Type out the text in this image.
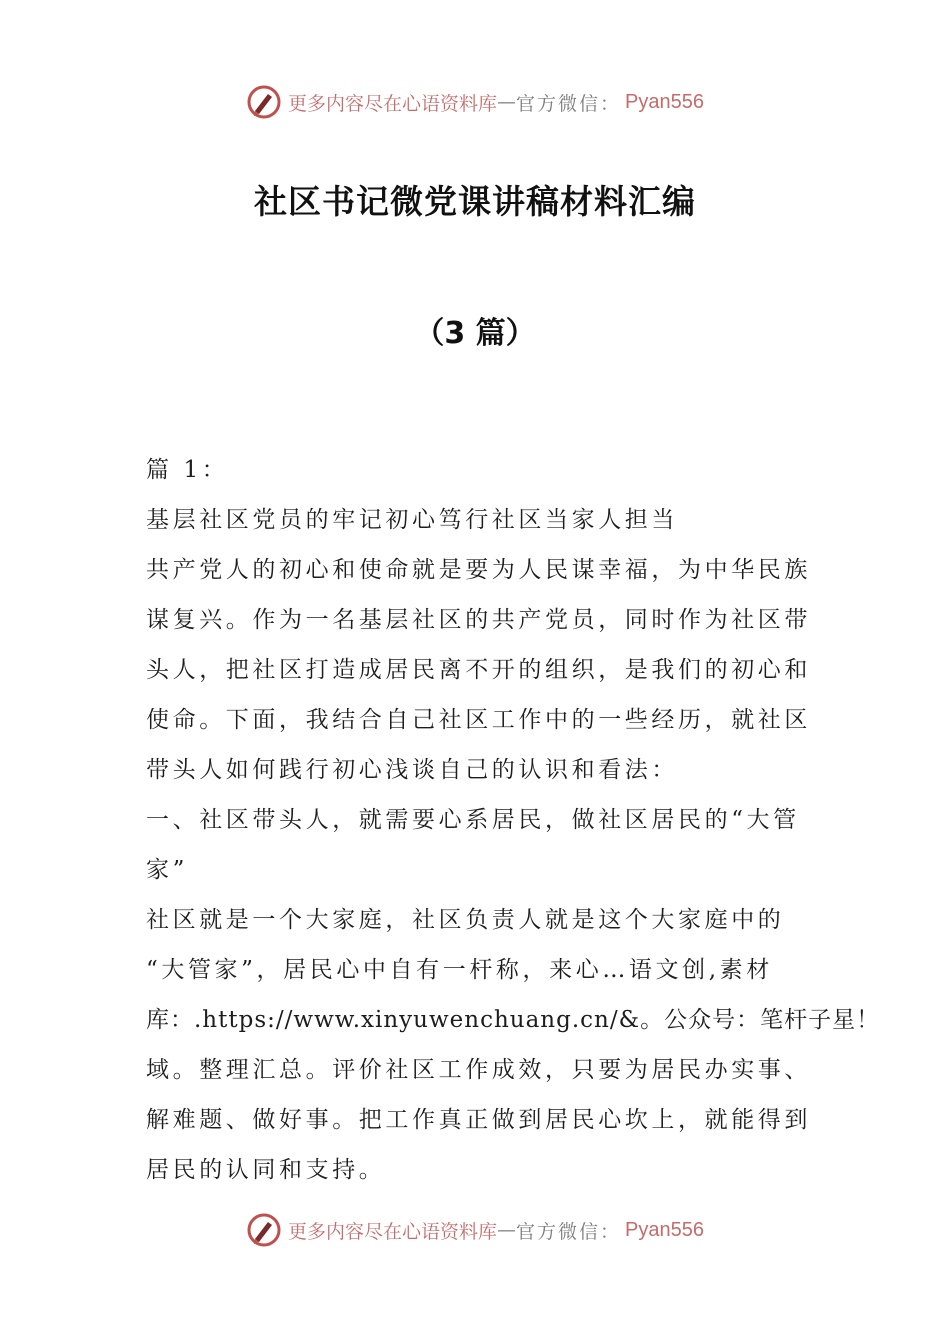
更多内容尽在心语资料库 — 官方微信： Pyan556
社区书记微党课讲稿材料汇编
（3 篇）

篇 1：

基层社区党员的牢记初心笃行社区当家人担当

共产党人的初心和使命就是要为人民谋幸福，为中华民族

谋复兴。作为一名基层社区的共产党员，同时作为社区带

头人，把社区打造成居民离不开的组织，是我们的初心和

使命。下面，我结合自己社区工作中的一些经历，就社区

带头人如何践行初心浅谈自己的认识和看法：

一、社区带头人，就需要心系居民，做社区居民的“大管

家”

社区就是一个大家庭，社区负责人就是这个大家庭中的

“大管家”，居民心中自有一杆称，来心…语文创,素材

库：.https://www.xinyuwenchuang.cn/&。公众号：笔杆子星！

域。整理汇总。评价社区工作成效，只要为居民办实事、

解难题、做好事。把工作真正做到居民心坎上，就能得到

居民的认同和支持。

更多内容尽在心语资料库 — 官方微信： Pyan556
